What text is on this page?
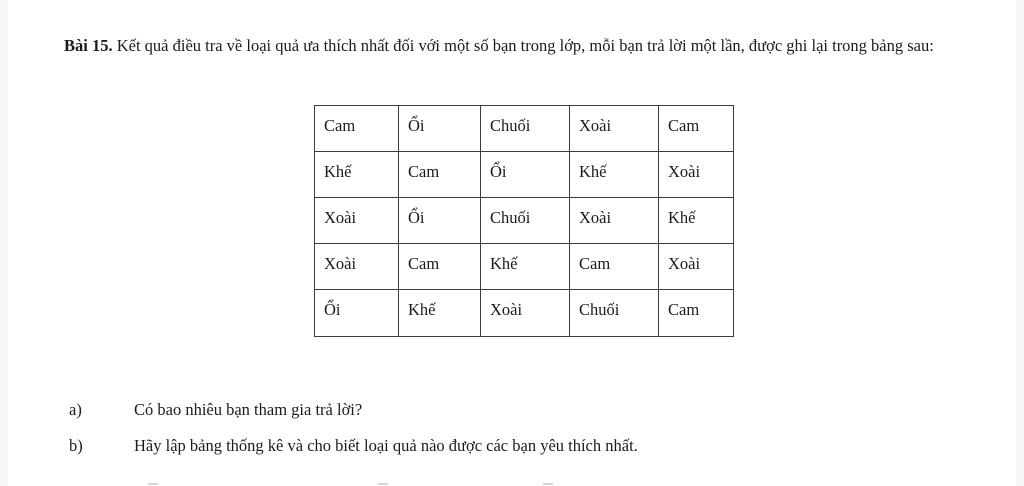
Bài 15. Kết quả điều tra về loại quả ưa thích nhất đối với một số bạn trong lớp, mỗi bạn trả lời một lần, được ghi lại trong bảng sau:

Cam	Ổi	Chuối	Xoài	Cam
Khế	Cam	Ổi	Khế	Xoài
Xoài	Ổi	Chuối	Xoài	Khế
Xoài	Cam	Khế	Cam	Xoài
Ổi	Khế	Xoài	Chuối	Cam

a)	Có bao nhiêu bạn tham gia trả lời?

b)	Hãy lập bảng thống kê và cho biết loại quả nào được các bạn yêu thích nhất.
